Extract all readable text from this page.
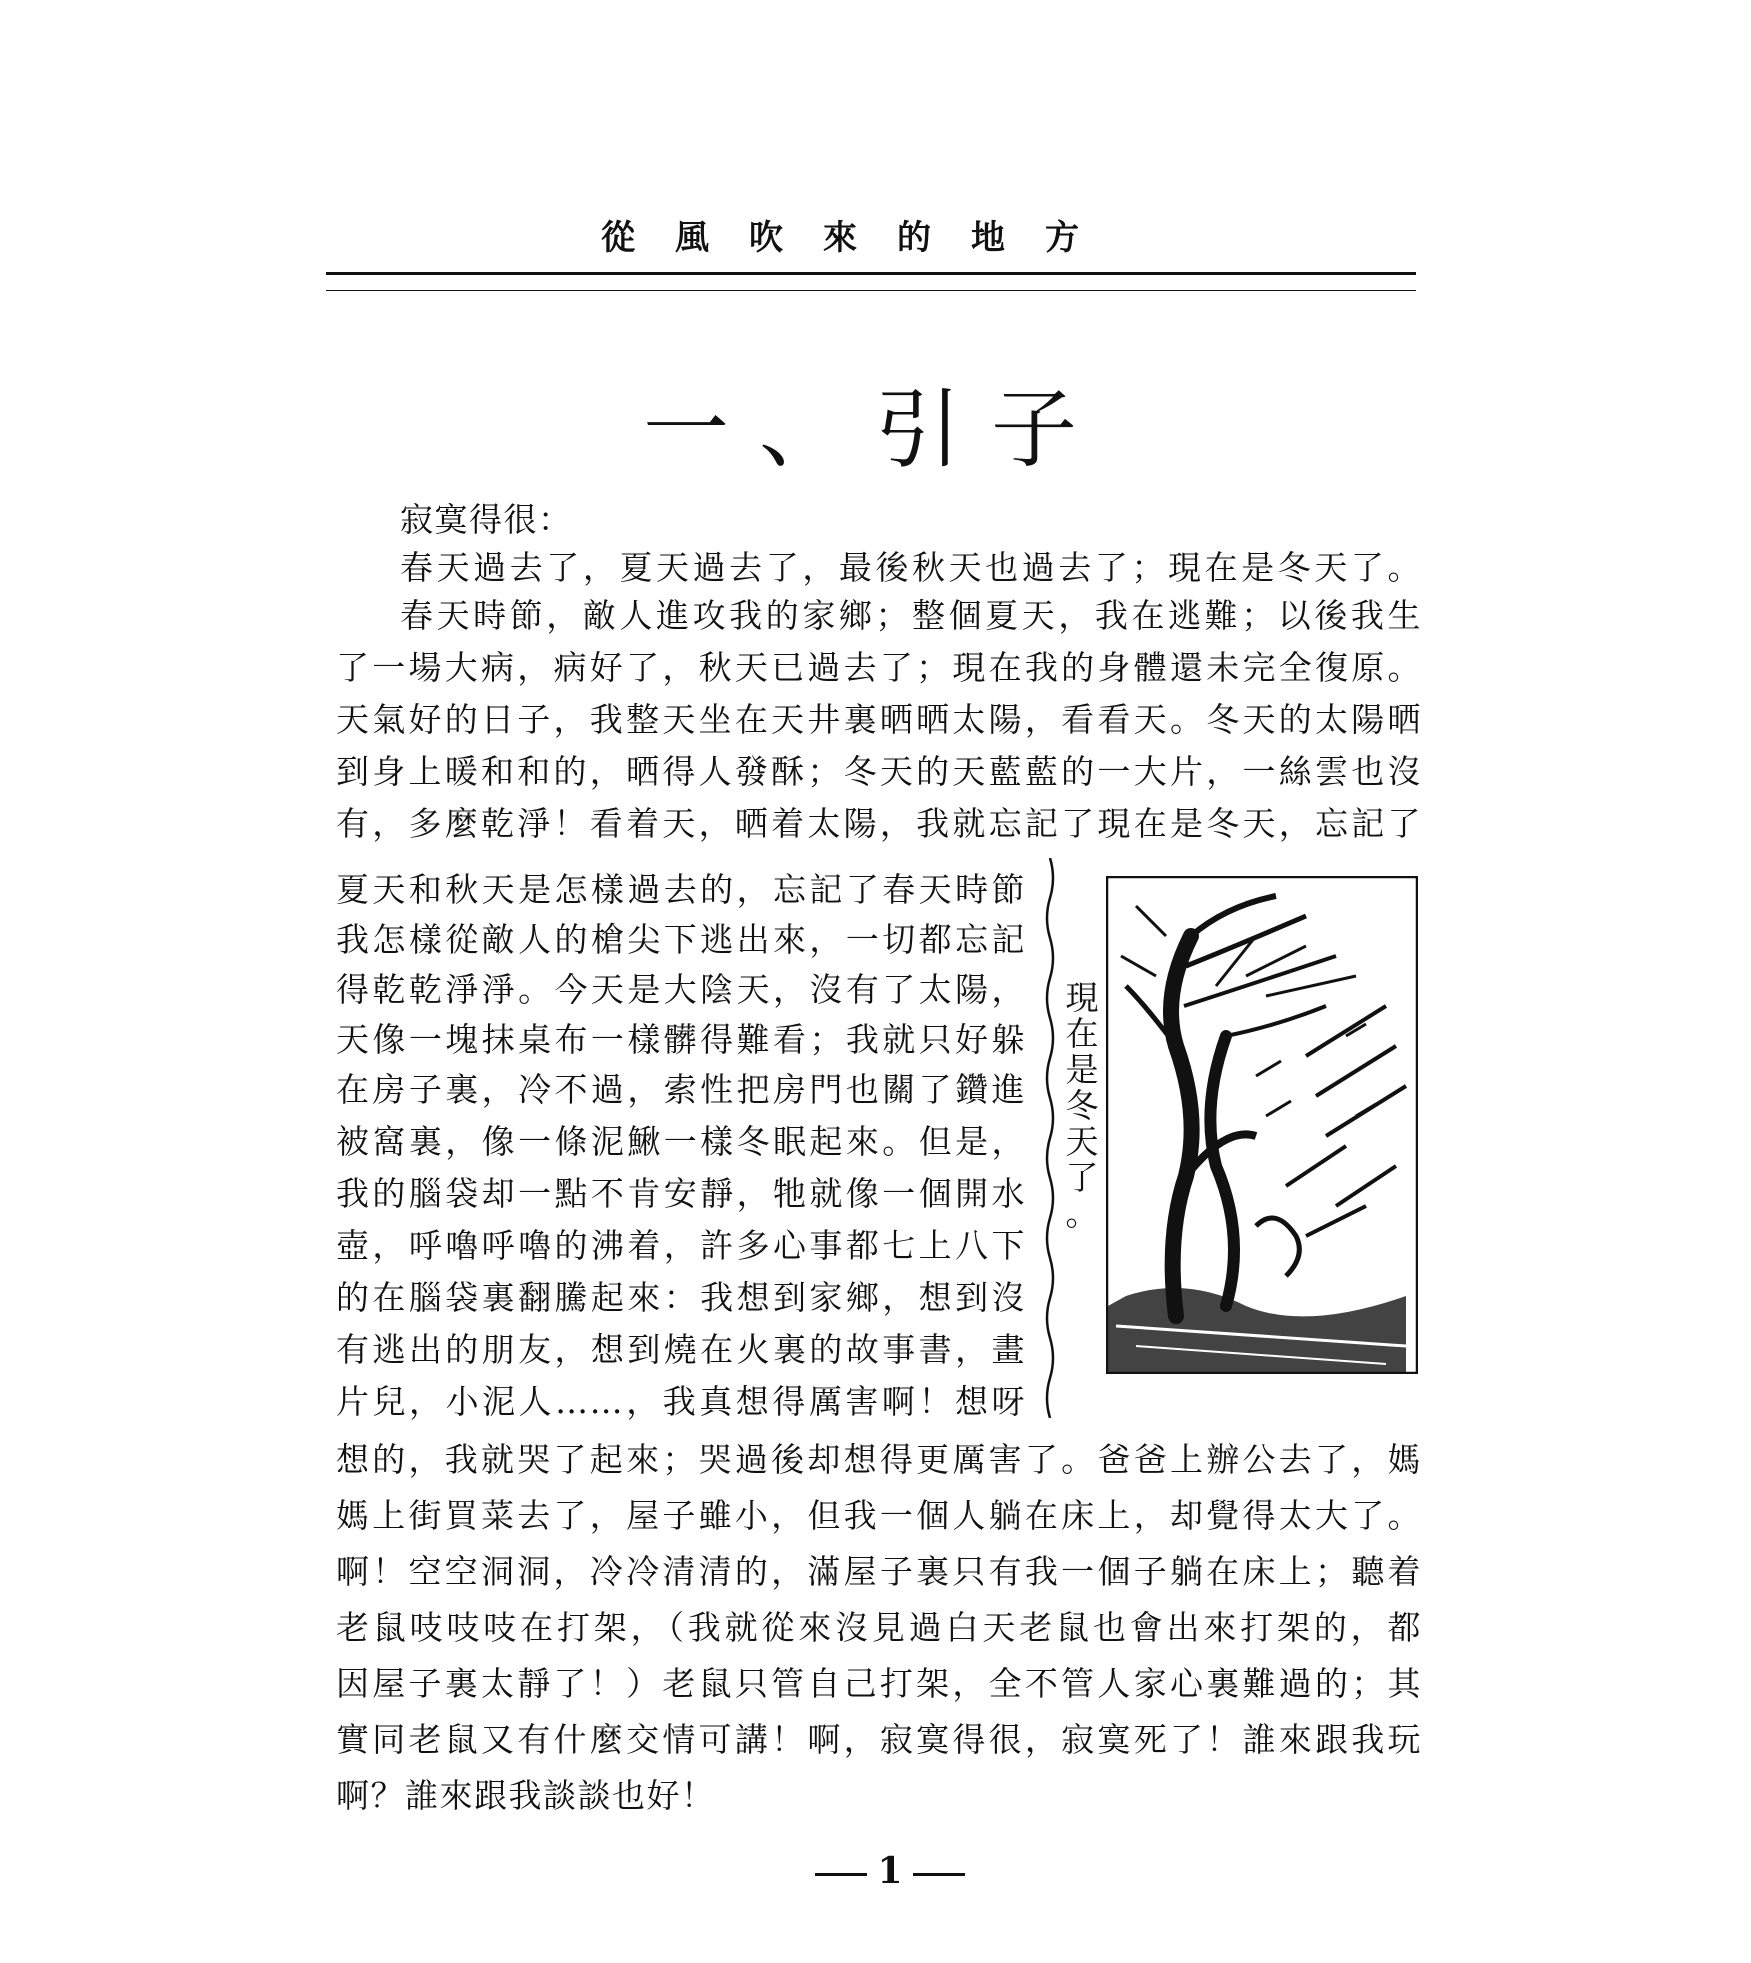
從風吹來的地方
一、引子
寂寞得很：
春天過去了，夏天過去了，最後秋天也過去了；現在是冬天了。
春天時節，敵人進攻我的家鄉；整個夏天，我在逃難；以後我生
了一場大病，病好了，秋天已過去了；現在我的身體還未完全復原。
天氣好的日子，我整天坐在天井裏晒晒太陽，看看天。冬天的太陽晒
到身上暖和和的，晒得人發酥；冬天的天藍藍的一大片，一絲雲也沒
有，多麼乾淨！看着天，晒着太陽，我就忘記了現在是冬天，忘記了
夏天和秋天是怎樣過去的，忘記了春天時節
我怎樣從敵人的槍尖下逃出來，一切都忘記
得乾乾淨淨。今天是大陰天，沒有了太陽，
天像一塊抹桌布一樣髒得難看；我就只好躲
在房子裏，冷不過，索性把房門也關了鑽進
被窩裏，像一條泥鰍一樣冬眠起來。但是，
我的腦袋却一點不肯安靜，牠就像一個開水
壺，呼嚕呼嚕的沸着，許多心事都七上八下
的在腦袋裏翻騰起來：我想到家鄉，想到沒
有逃出的朋友，想到燒在火裏的故事書，畫
片兒，小泥人……，我真想得厲害啊！想呀
現
在
是
冬
天
了
。
想的，我就哭了起來；哭過後却想得更厲害了。爸爸上辦公去了，媽
媽上街買菜去了，屋子雖小，但我一個人躺在床上，却覺得太大了。
啊！空空洞洞，冷冷清清的，滿屋子裏只有我一個子躺在床上；聽着
老鼠吱吱吱在打架，（我就從來沒見過白天老鼠也會出來打架的，都
因屋子裏太靜了！）老鼠只管自己打架，全不管人家心裏難過的；其
實同老鼠又有什麼交情可講！啊，寂寞得很，寂寞死了！誰來跟我玩
啊？誰來跟我談談也好！
1
